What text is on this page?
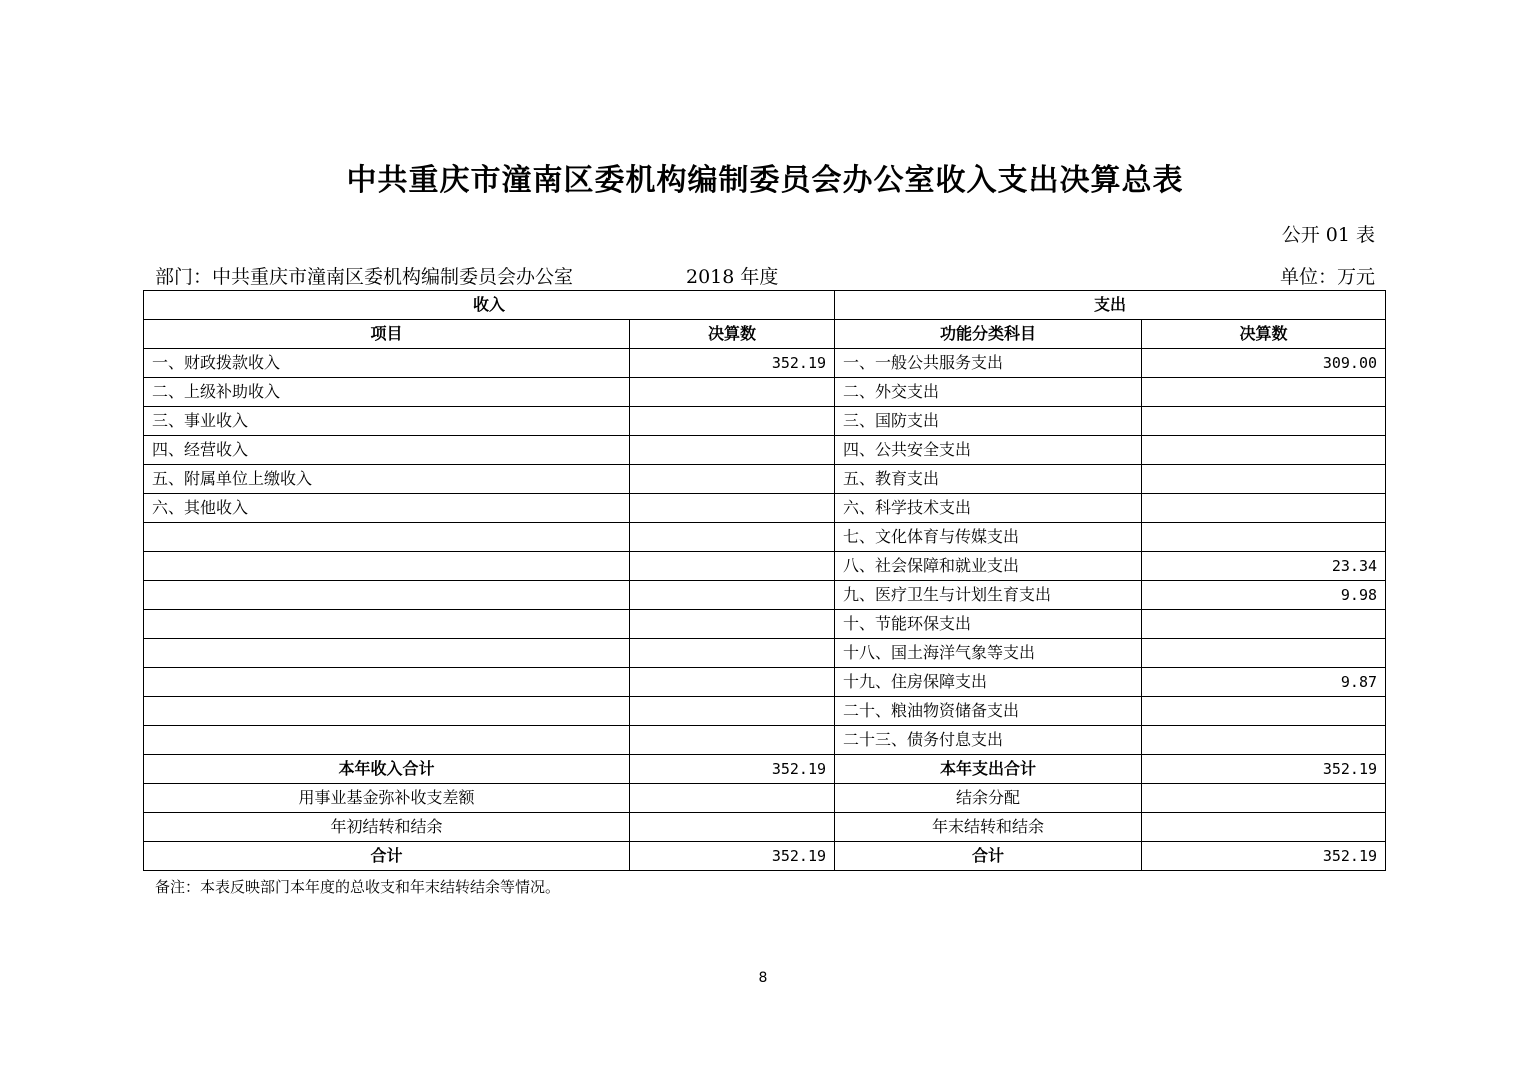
中共重庆市潼南区委机构编制委员会办公室收入支出决算总表
公开 01 表
部门：中共重庆市潼南区委机构编制委员会办公室	2018 年度	单位：万元
收入		支出	
项目	决算数	功能分类科目	决算数
一、财政拨款收入	352.19	一、一般公共服务支出	309.00
二、上级补助收入		二、外交支出	
三、事业收入		三、国防支出	
四、经营收入		四、公共安全支出	
五、附属单位上缴收入		五、教育支出	
六、其他收入		六、科学技术支出	
		七、文化体育与传媒支出	
		八、社会保障和就业支出	23.34
		九、医疗卫生与计划生育支出	9.98
		十、节能环保支出	
		十八、国土海洋气象等支出	
		十九、住房保障支出	9.87
		二十、粮油物资储备支出	
		二十三、债务付息支出	
本年收入合计	352.19	本年支出合计	352.19
用事业基金弥补收支差额		结余分配	
年初结转和结余		年末结转和结余	
合计	352.19	合计	352.19
备注：本表反映部门本年度的总收支和年末结转结余等情况。
8
